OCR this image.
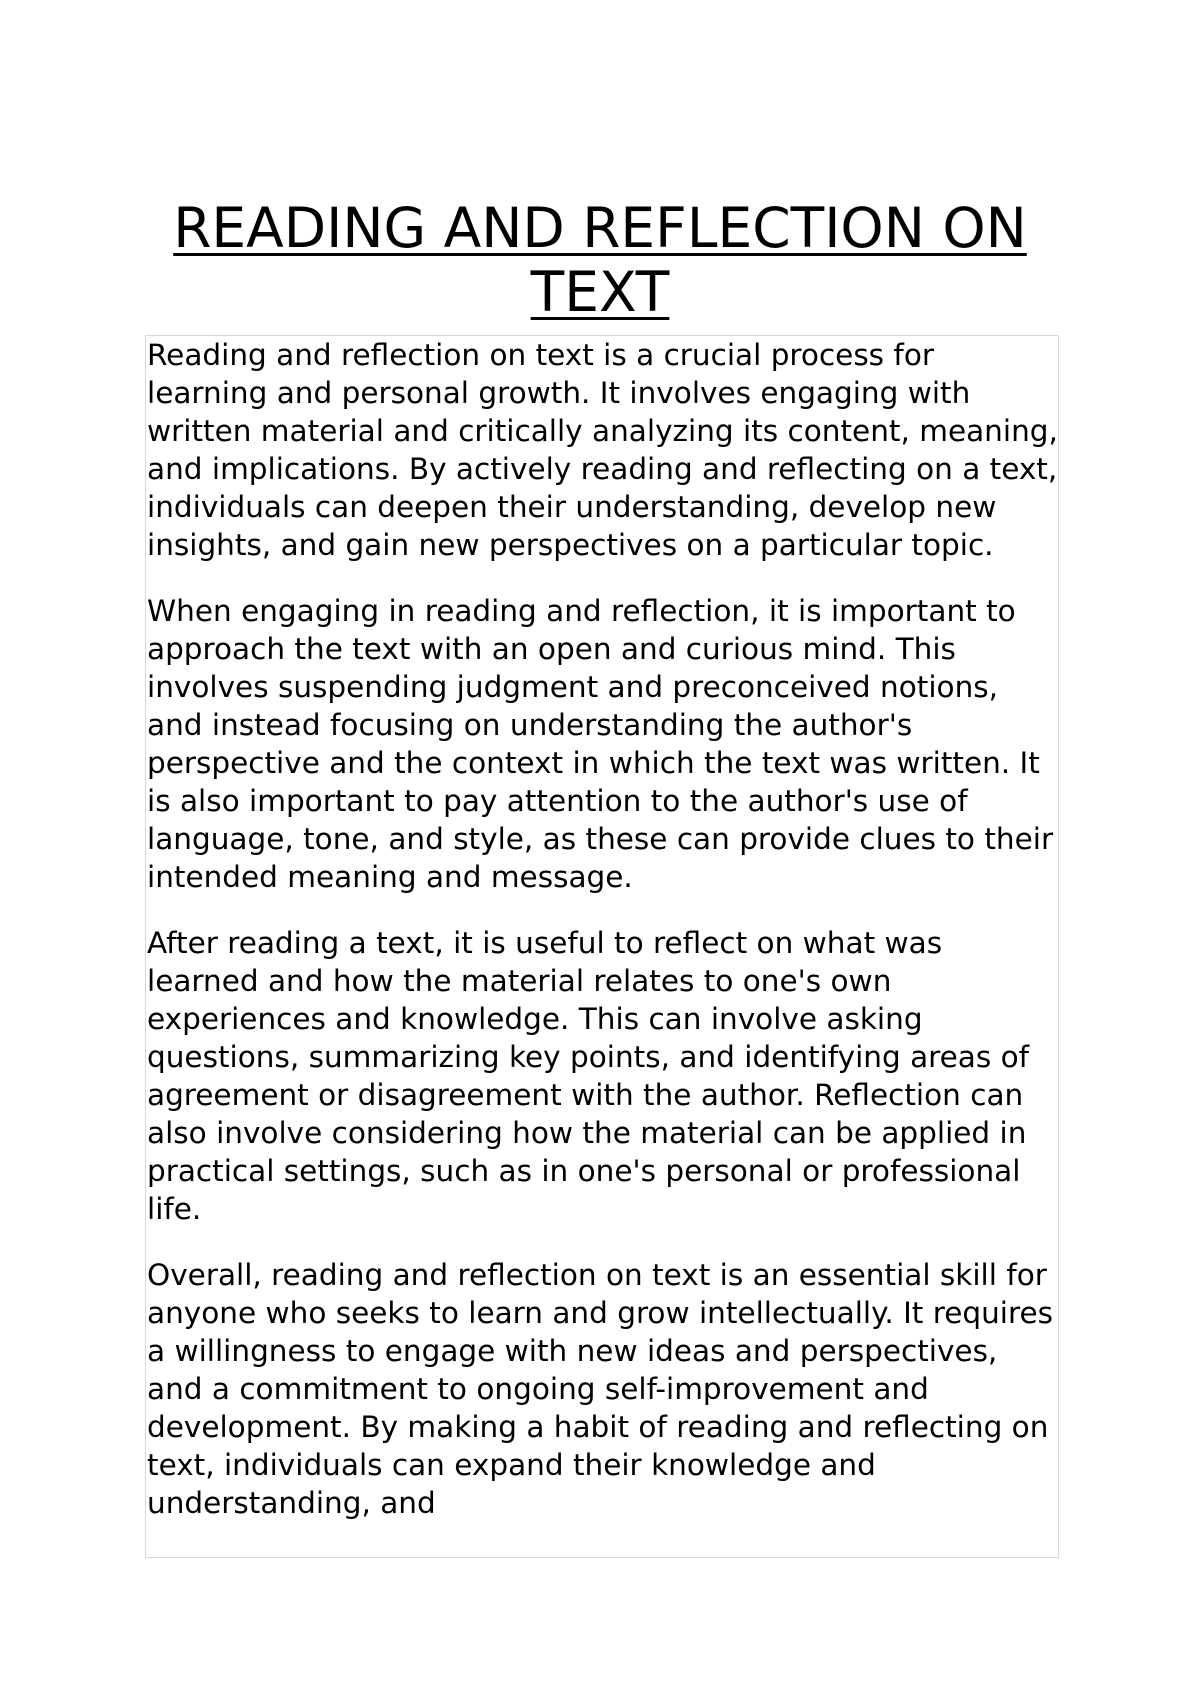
READING AND REFLECTION ON TEXT

Reading and reflection on text is a crucial process for learning and personal growth. It involves engaging with written material and critically analyzing its content, meaning, and implications. By actively reading and reflecting on a text, individuals can deepen their understanding, develop new insights, and gain new perspectives on a particular topic.

When engaging in reading and reflection, it is important to approach the text with an open and curious mind. This involves suspending judgment and preconceived notions, and instead focusing on understanding the author's perspective and the context in which the text was written. It is also important to pay attention to the author's use of language, tone, and style, as these can provide clues to their intended meaning and message.

After reading a text, it is useful to reflect on what was learned and how the material relates to one's own experiences and knowledge. This can involve asking questions, summarizing key points, and identifying areas of agreement or disagreement with the author. Reflection can also involve considering how the material can be applied in practical settings, such as in one's personal or professional life.

Overall, reading and reflection on text is an essential skill for anyone who seeks to learn and grow intellectually. It requires a willingness to engage with new ideas and perspectives, and a commitment to ongoing self-improvement and development. By making a habit of reading and reflecting on text, individuals can expand their knowledge and understanding, and
